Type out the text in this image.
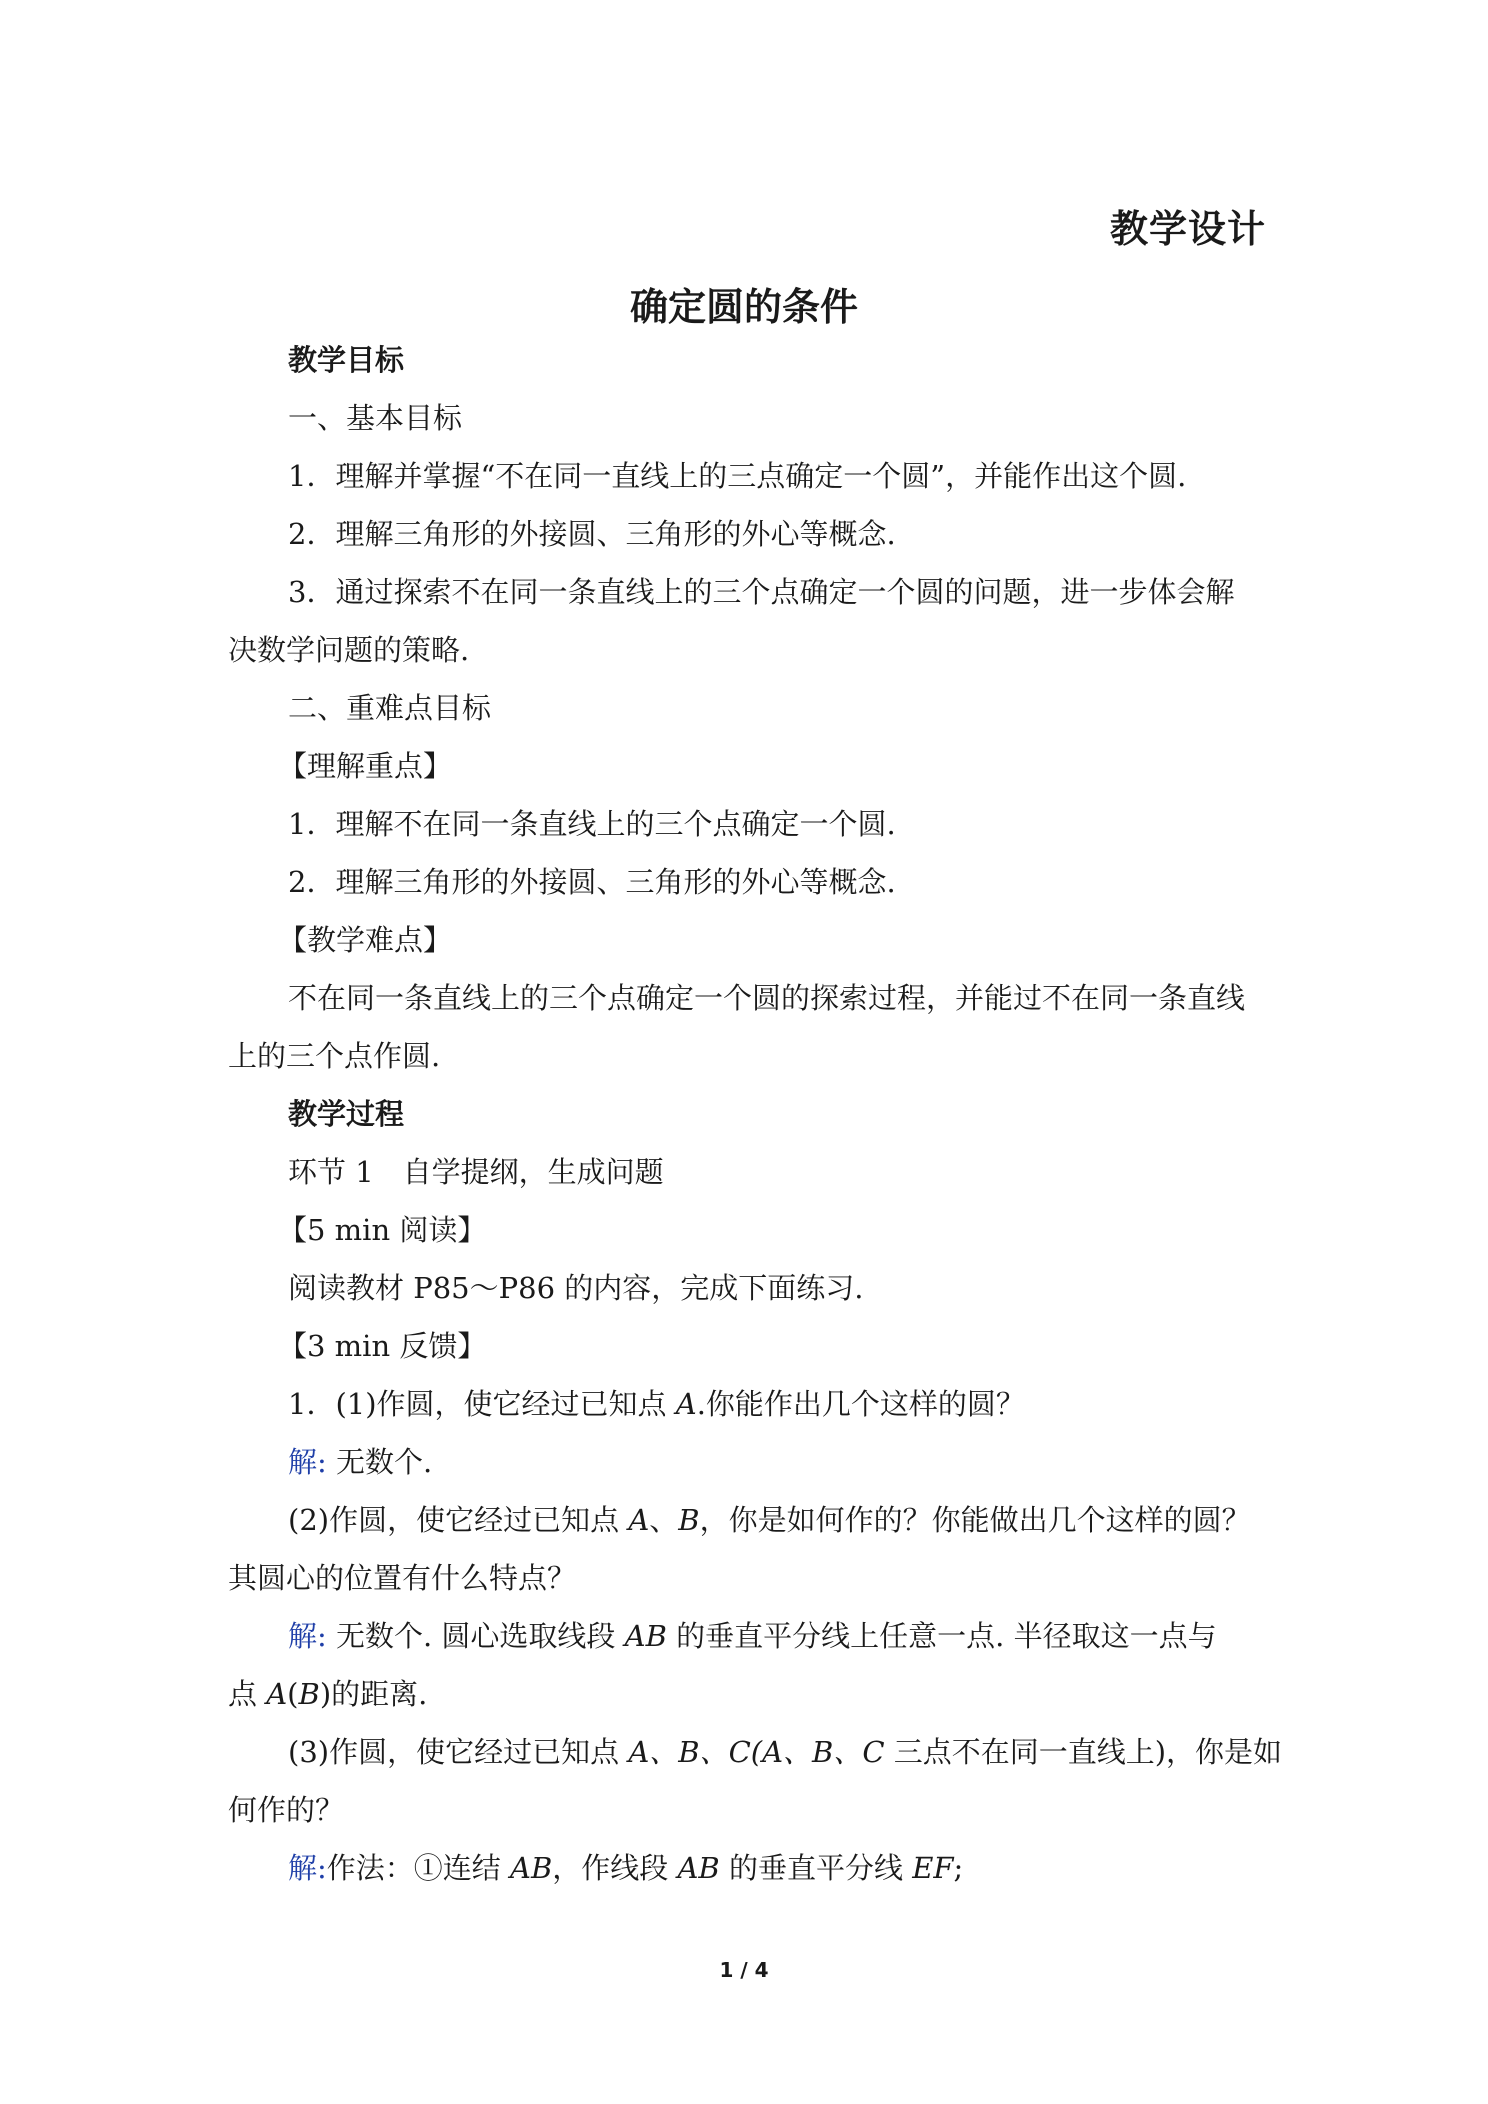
教学设计
确定圆的条件
教学目标
一、基本目标
1．理解并掌握“不在同一直线上的三点确定一个圆”，并能作出这个圆.
2．理解三角形的外接圆、三角形的外心等概念.
3．通过探索不在同一条直线上的三个点确定一个圆的问题，进一步体会解
决数学问题的策略.
二、重难点目标
【理解重点】
1．理解不在同一条直线上的三个点确定一个圆.
2．理解三角形的外接圆、三角形的外心等概念.
【教学难点】
不在同一条直线上的三个点确定一个圆的探索过程，并能过不在同一条直线
上的三个点作圆.
教学过程
环节 1　自学提纲，生成问题
【5 min 阅读】
阅读教材 P85～P86 的内容，完成下面练习.
【3 min 反馈】
1．(1)作圆，使它经过已知点 A.你能作出几个这样的圆？
解: 无数个.
(2)作圆，使它经过已知点 A、B，你是如何作的？你能做出几个这样的圆？
其圆心的位置有什么特点？
解: 无数个. 圆心选取线段 AB 的垂直平分线上任意一点. 半径取这一点与
点 A(B)的距离.
(3)作圆，使它经过已知点 A、B、C(A、B、C 三点不在同一直线上)，你是如
何作的？
解:作法：①连结 AB，作线段 AB 的垂直平分线 EF;
1 / 4
